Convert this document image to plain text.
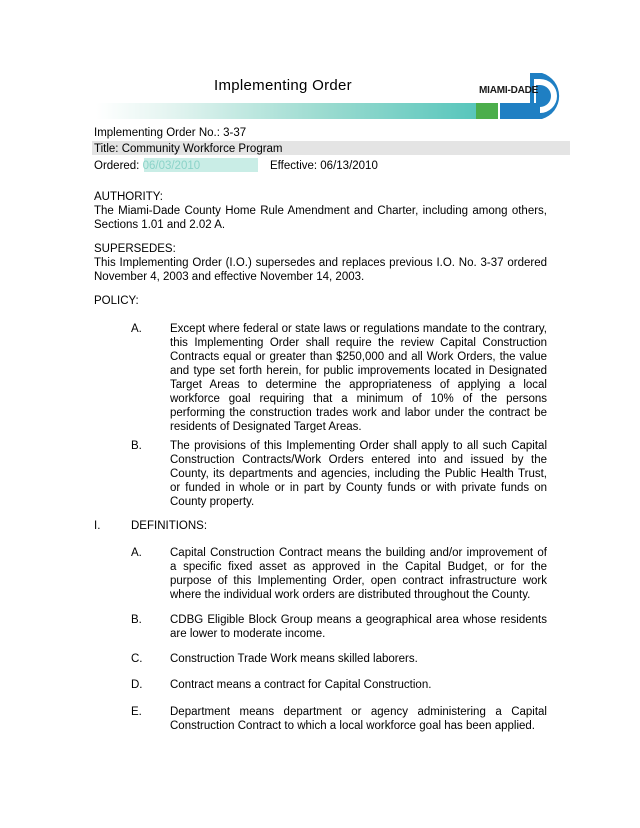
Implementing Order	MIAMI-DADE
Implementing Order No.: 3-37
Title: Community Workforce Program
Ordered: 06/03/2010	Effective: 06/13/2010
AUTHORITY:
The Miami-Dade County Home Rule Amendment and Charter, including among others, Sections 1.01 and 2.02 A.
SUPERSEDES:
This Implementing Order (I.O.) supersedes and replaces previous I.O. No. 3-37 ordered November 4, 2003 and effective November 14, 2003.
POLICY:
A. Except where federal or state laws or regulations mandate to the contrary, this Implementing Order shall require the review Capital Construction Contracts equal or greater than $250,000 and all Work Orders, the value and type set forth herein, for public improvements located in Designated Target Areas to determine the appropriateness of applying a local workforce goal requiring that a minimum of 10% of the persons performing the construction trades work and labor under the contract be residents of Designated Target Areas.
B. The provisions of this Implementing Order shall apply to all such Capital Construction Contracts/Work Orders entered into and issued by the County, its departments and agencies, including the Public Health Trust, or funded in whole or in part by County funds or with private funds on County property.
I.	DEFINITIONS:
A. Capital Construction Contract means the building and/or improvement of a specific fixed asset as approved in the Capital Budget, or for the purpose of this Implementing Order, open contract infrastructure work where the individual work orders are distributed throughout the County.
B. CDBG Eligible Block Group means a geographical area whose residents are lower to moderate income.
C. Construction Trade Work means skilled laborers.
D. Contract means a contract for Capital Construction.
E. Department means department or agency administering a Capital Construction Contract to which a local workforce goal has been applied.
